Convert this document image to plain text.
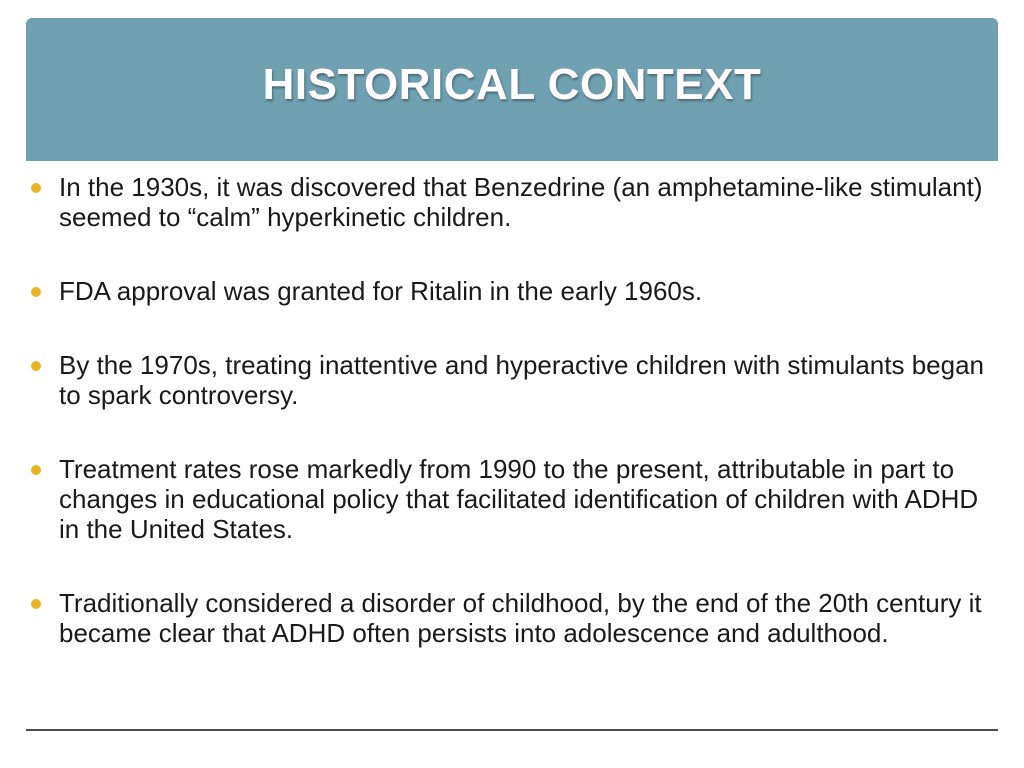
HISTORICAL CONTEXT
In the 1930s, it was discovered that Benzedrine (an amphetamine-like stimulant) seemed to “calm” hyperkinetic children.
FDA approval was granted for Ritalin in the early 1960s.
By the 1970s, treating inattentive and hyperactive children with stimulants began to spark controversy.
Treatment rates rose markedly from 1990 to the present, attributable in part to changes in educational policy that facilitated identification of children with ADHD in the United States.
Traditionally considered a disorder of childhood, by the end of the 20th century it became clear that ADHD often persists into adolescence and adulthood.
